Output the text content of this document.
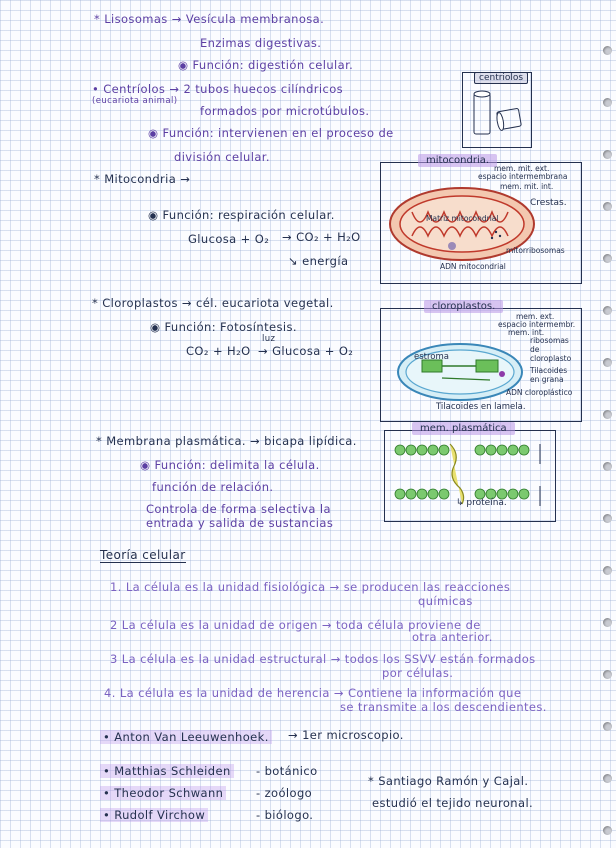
* Lisosomas → Vesícula membranosa.
Enzimas digestivas.
◉ Función: digestión celular.
• Centríolos → 2 tubos huecos cilíndricos
(eucariota animal)
formados por microtúbulos.
◉ Función: intervienen en el proceso de
división celular.
centriolos
* Mitocondria →
◉ Función: respiración celular.
Glucosa + O₂ → CO₂ + H₂O
↘ energía
mitocondria.
mem. mit. ext.
espacio intermembrana
mem. mit. int.
Crestas.
Matriz mitocondrial
mitorribosomas
ADN mitocondrial
* Cloroplastos → cél. eucariota vegetal.
◉ Función: Fotosíntesis.
luz
CO₂ + H₂O → Glucosa + O₂
cloroplastos.
mem. ext.
espacio intermembr.
mem. int.
ribosomas de cloroplasto
estroma
Tilacoides en grana
ADN cloroplástico
Tilacoides en lamela.
* Membrana plasmática. → bicapa lipídica.
◉ Función: delimita la célula.
función de relación.
Controla de forma selectiva la
entrada y salida de sustancias
mem. plasmática
↳ proteína.
Teoría celular
1. La célula es la unidad fisiológica → se producen las reacciones
químicas
2 La célula es la unidad de origen → toda célula proviene de
otra anterior.
3 La célula es la unidad estructural → todos los SSVV están formados
por células.
4. La célula es la unidad de herencia → Contiene la información que
se transmite a los descendientes.
• Anton Van Leeuwenhoek. → 1er microscopio.
• Matthias Schleiden - botánico
• Theodor Schwann	- zoólogo
• Rudolf Virchow	- biólogo.
* Santiago Ramón y Cajal.
estudió el tejido neuronal.
